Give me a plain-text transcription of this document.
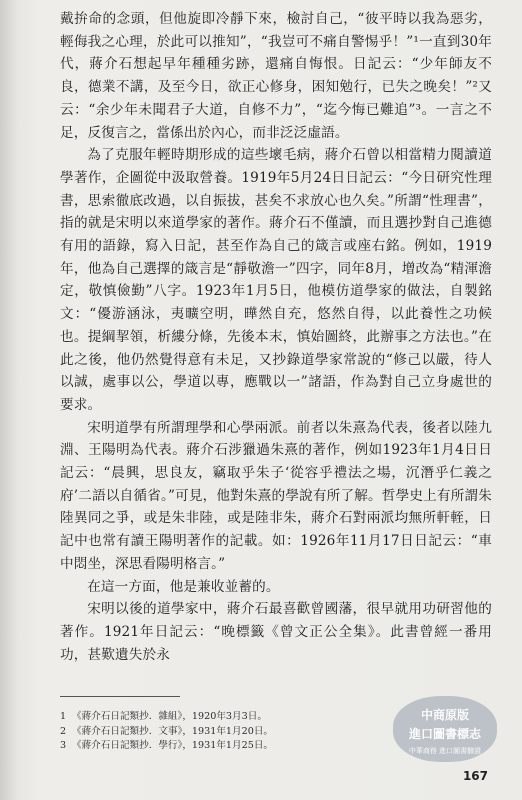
戴拚命的念頭，但他旋即冷靜下來，檢討自己，“彼平時以我為惡劣，輕侮我之心理，於此可以推知”，“我豈可不痛自警惕乎！”¹一直到30年代，蔣介石想起早年種種劣跡，還痛自悔恨。日記云：“少年師友不良，德業不講，及至今日，欲正心修身，困知勉行，已失之晚矣！”²又云：“余少年未聞君子大道，自修不力”，“迄今悔已難追”³。一言之不足，反復言之，當係出於內心，而非泛泛虛語。

為了克服年輕時期形成的這些壞毛病，蔣介石曾以相當精力閱讀道學著作，企圖從中汲取營養。1919年5月24日日記云：“今日研究性理書，思索徹底改過，以自振拔，甚矣不求放心也久矣。”所謂“性理書”，指的就是宋明以來道學家的著作。蔣介石不僅讀，而且選抄對自己進德有用的語錄，寫入日記，甚至作為自己的箴言或座右銘。例如，1919年，他為自己選擇的箴言是“靜敬澹一”四字，同年8月，增改為“精渾澹定，敬慎儉勤”八字。1923年1月5日，他模仿道學家的做法，自製銘文：“優游涵泳，夷曠空明，曄然自充，悠然自得，以此養性之功候也。提綱挈領，析縷分條，先後本末，慎始圖終，此辦事之方法也。”在此之後，他仍然覺得意有未足，又抄錄道學家常說的“修己以嚴，待人以誠，處事以公，學道以專，應戰以一”諸語，作為對自己立身處世的要求。

宋明道學有所謂理學和心學兩派。前者以朱熹為代表，後者以陸九淵、王陽明為代表。蔣介石涉獵過朱熹的著作，例如1923年1月4日日記云：“晨興，思良友，竊取乎朱子‘從容乎禮法之場，沉潛乎仁義之府’二語以自循省。”可見，他對朱熹的學說有所了解。哲學史上有所謂朱陸異同之爭，或是朱非陸，或是陸非朱，蔣介石對兩派均無所軒輊，日記中也常有讀王陽明著作的記載。如：1926年11月17日日記云：“車中悶坐，深思看陽明格言。”

在這一方面，他是兼收並蓄的。

宋明以後的道學家中，蔣介石最喜歡曾國藩，很早就用功研習他的著作。1921年日記云：“晚標籤《曾文正公全集》。此書曾經一番用功，甚歎遺失於永

1 《蔣介石日記類抄．雜組》，1920年3月3日。
2 《蔣介石日記類抄．文事》，1931年1月20日。
3 《蔣介石日記類抄．學行》，1931年1月25日。
中商原版
進口圖書標志
中華商務 進口圖書驗證
167
